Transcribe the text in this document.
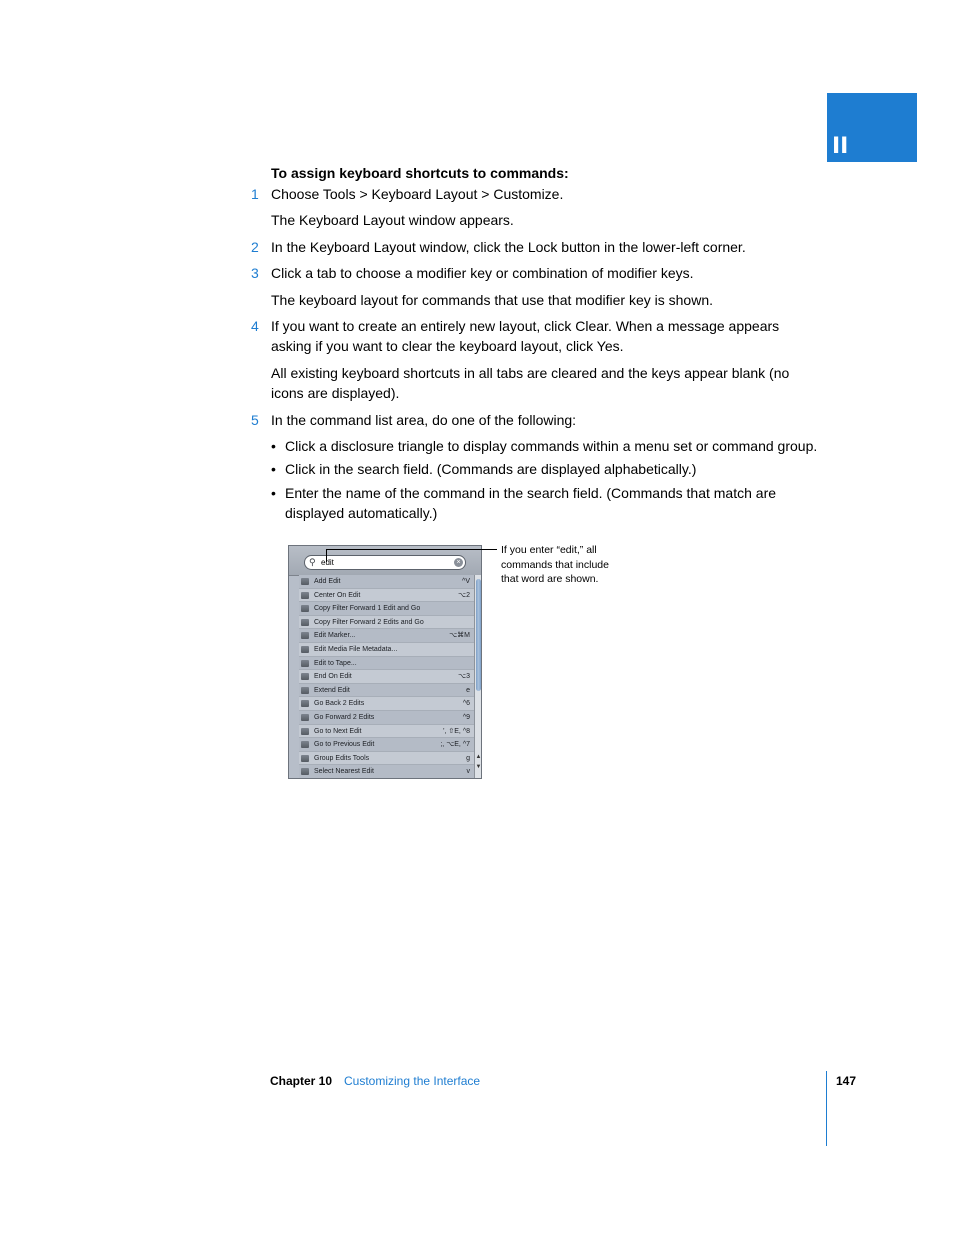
II
To assign keyboard shortcuts to commands:
1 Choose Tools > Keyboard Layout > Customize.
The Keyboard Layout window appears.
2 In the Keyboard Layout window, click the Lock button in the lower-left corner.
3 Click a tab to choose a modifier key or combination of modifier keys.
The keyboard layout for commands that use that modifier key is shown.
4 If you want to create an entirely new layout, click Clear. When a message appears
asking if you want to clear the keyboard layout, click Yes.
All existing keyboard shortcuts in all tabs are cleared and the keys appear blank (no
icons are displayed).
5 In the command list area, do one of the following:
• Click a disclosure triangle to display commands within a menu set or command group.
• Click in the search field. (Commands are displayed alphabetically.)
• Enter the name of the command in the search field. (Commands that match are
displayed automatically.)
⚲ edit	×
Add Edit	^V
Center On Edit	⌥2
Copy Filter Forward 1 Edit and Go
Copy Filter Forward 2 Edits and Go
Edit Marker...	⌥⌘M
Edit Media File Metadata...
Edit to Tape...
End On Edit	⌥3
Extend Edit	e
Go Back 2 Edits	^6
Go Forward 2 Edits	^9
Go to Next Edit	', ⇧E, ^8
Go to Previous Edit	;, ⌥E, ^7
Group Edits Tools	g
Select Nearest Edit	v
▲
▼
If you enter “edit,” all
commands that include
that word are shown.
Chapter 10 Customizing the Interface	147
